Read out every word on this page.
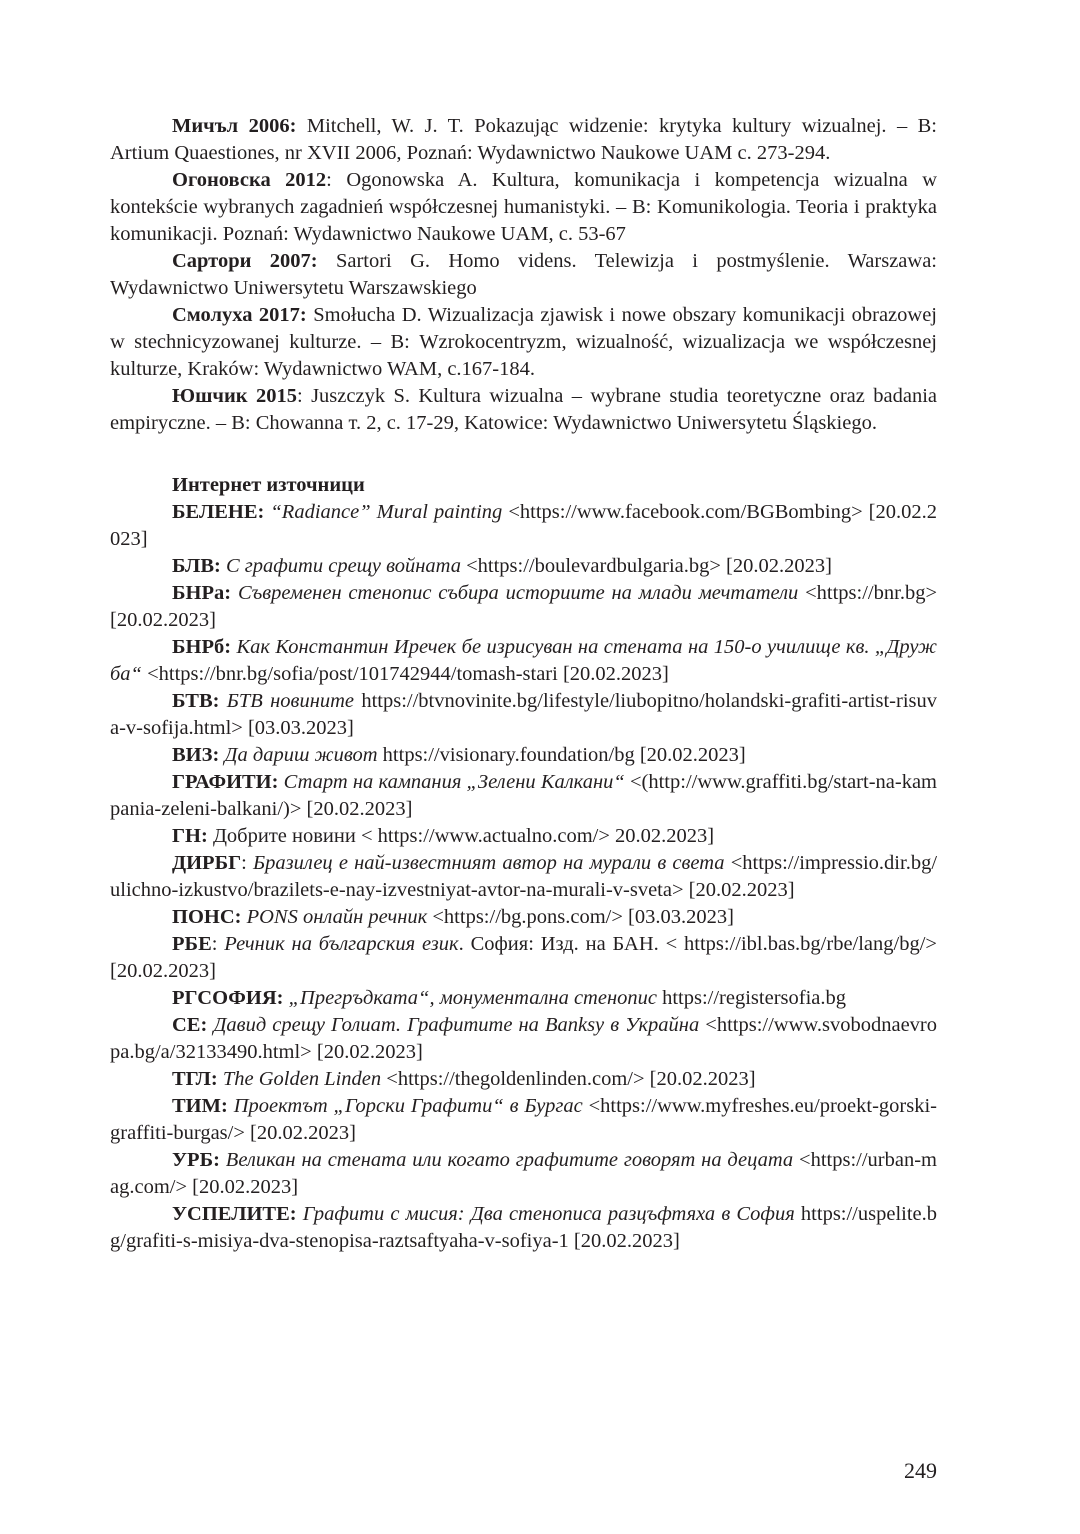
Мичъл 2006: Mitchell, W. J. T. Pokazując widzenie: krytyka kultury wizualnej. – В: Artium Quaestiones, nr XVII 2006, Poznań: Wydawnictwo Naukowe UAM с. 273-294.

Огоновска 2012: Ogonowska A. Kultura, komunikacja i kompetencja wizualna w kontekście wybranych zagadnień współczesnej humanistyki. – В: Komunikologia. Teoria i praktyka komunikacji. Poznań: Wydawnictwo Naukowe UAM, с. 53-67

Сартори 2007: Sartori G. Homo videns. Telewizja i postmyślenie. Warszawa: Wydawnictwo Uniwersytetu Warszawskiego

Смолуха 2017: Smołucha D. Wizualizacja zjawisk i nowe obszary komunikacji obrazowej w stechnicyzowanej kulturze. – В: Wzrokocentryzm, wizualność, wizualizacja we współczesnej kulturze, Kraków: Wydawnictwo WAM, с.167-184.

Юшчик 2015: Juszczyk S. Kultura wizualna – wybrane studia teoretyczne oraz badania empiryczne. – В: Chowanna т. 2, с. 17-29, Katowice: Wydawnictwo Uniwersytetu Śląskiego.

Интернет източници

БЕЛЕНЕ: “Radiance” Mural painting <https://www.facebook.com/BGBombing> [20.02.2023]

БЛВ: С графити срещу войната <https://boulevardbulgaria.bg> [20.02.2023]

БНРа: Съвременен стенопис събира историите на млади мечтатели <https://bnr.bg> [20.02.2023]

БНРб: Как Константин Иречек бе изрисуван на стената на 150-о училище кв. „Дружба“ <https://bnr.bg/sofia/post/101742944/tomash-stari [20.02.2023]

БТВ: БТВ новините https://btvnovinite.bg/lifestyle/liubopitno/holandski-grafiti-artist-risuva-v-sofija.html> [03.03.2023]

ВИЗ: Да дариш живот https://visionary.foundation/bg [20.02.2023]

ГРАФИТИ: Старт на кампания „Зелени Калкани“ <(http://www.graffiti.bg/start-na-kampania-zeleni-balkani/)> [20.02.2023]

ГН: Добрите новини < https://www.actualno.com/> 20.02.2023]

ДИРБГ: Бразилец е най-известният автор на мурали в света <https://impressio.dir.bg/ulichno-izkustvo/brazilets-e-nay-izvestniyat-avtor-na-murali-v-sveta> [20.02.2023]

ПОНС: PONS онлайн речник <https://bg.pons.com/> [03.03.2023]

РБЕ: Речник на българския език. София: Изд. на БАН. < https://ibl.bas.bg/rbe/lang/bg/> [20.02.2023]

РГСОФИЯ: „Прегръдката“, монументална стенопис https://registersofia.bg

СЕ: Давид срещу Голиат. Графитите на Banksy в Украйна <https://www.svobodnaevropa.bg/a/32133490.html> [20.02.2023]

ТГЛ: The Golden Linden <https://thegoldenlinden.com/> [20.02.2023]

ТИМ: Проектът „Горски Графити“ в Бургас <https://www.myfreshes.eu/proekt-gorski-graffiti-burgas/> [20.02.2023]

УРБ: Великан на стената или когато графитите говорят на децата <https://urban-mag.com/> [20.02.2023]

УСПЕЛИТЕ: Графити с мисия: Два стенописа разцъфтяха в София https://uspelite.bg/grafiti-s-misiya-dva-stenopisa-raztsaftyaha-v-sofiya-1 [20.02.2023]

249
